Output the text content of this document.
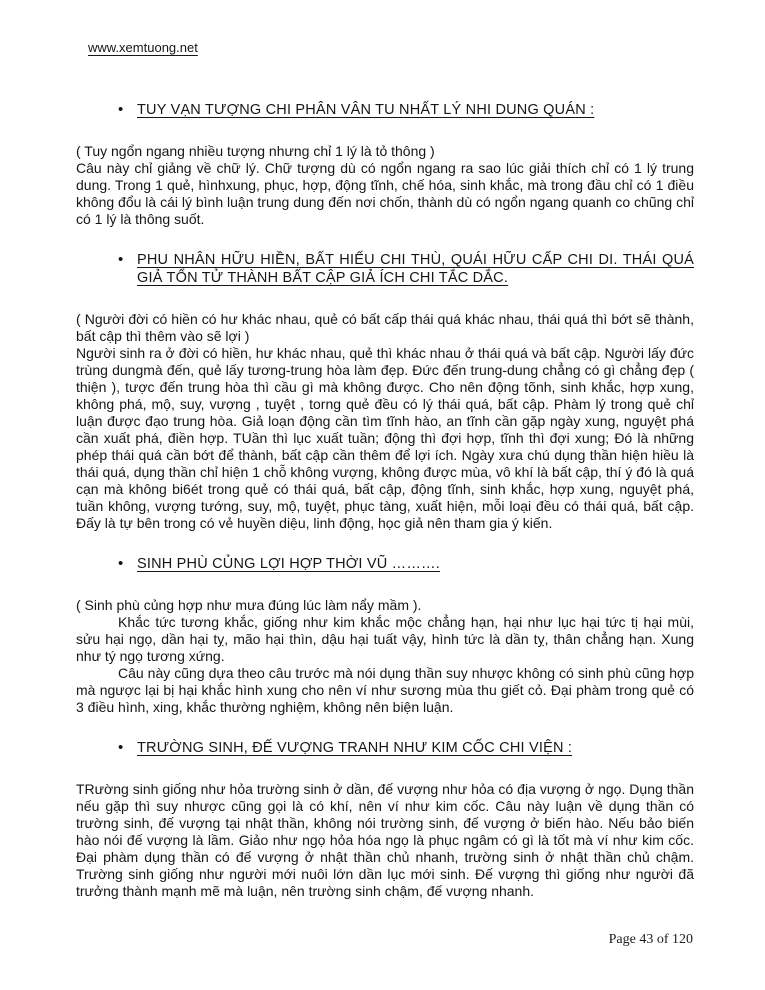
www.xemtuong.net
• TUY VẠN TƯỢNG CHI PHÂN VÂN TU NHẤT LÝ NHI DUNG QUÁN :

( Tuy ngổn ngang nhiều tượng nhưng chỉ 1 lý là tỏ thông )

Câu này chỉ giảng về chữ lý. Chữ tượng dù có ngổn ngang ra sao lúc giải thích chỉ có 1 lý trung dung. Trong 1 quẻ, hìnhxung, phục, hợp, động tĩnh, chế hóa, sinh khắc, mà trong đầu chỉ có 1 điều không đổu là cái lý bình luận trung dung đến nơi chốn, thành dù có ngổn ngang quanh co chũng chỉ có 1 lý là thông suốt.

• PHU NHÂN HỮU HIỀN, BẤT HIẾU CHI THÙ, QUÁI HỮU CẤP CHI DI. THÁI QUÁ GIẢ TỔN TỬ THÀNH BẤT CẬP GIẢ ÍCH CHI TẮC DẮC.

( Người đời có hiền có hư khác nhau, quẻ có bất cấp thái quá khác nhau, thái quá thì bớt sẽ thành, bất cập thì thêm vào sẽ lợi )

Người sinh ra ở đời có hiền, hư khác nhau, quẻ thì khác nhau ở thái quá và bất cập. Người lấy đức trùng dungmà đến, quẻ lấy tương-trung hòa làm đẹp. Đức đến trung-dung chẳng có gì chẳng đẹp ( thiện ), tược đến trung hòa thì cầu gì mà không được. Cho nên động tõnh, sinh khắc, hợp xung, không phá, mộ, suy, vượng , tuyệt , torng quẻ đều có lý thái quá, bất cập. Phàm lý trong quẻ chỉ luận được đạo trung hòa. Giả loạn động cần tìm tĩnh hào, an tĩnh cần gặp ngày xung, nguyệt phá cần xuất phá, điền hợp. TUần thì lục xuất tuần; động thì đợi hợp, tĩnh thì đợi xung; Đó là những phép thái quá cần bớt để thành, bất cập cần thêm để lợi ích. Ngày xưa chú dụng thần hiện hiều là thái quá, dụng thần chỉ hiện 1 chỗ không vượng, không được mùa, vô khí là bất cập, thí ý đó là quá cạn mà không bi6ét trong quẻ có thái quá, bất cập, động tĩnh, sinh khắc, hợp xung, nguyệt phá, tuần không, vượng tướng, suy, mộ, tuyệt, phục tàng, xuất hiện, mỗi loại đều có thái quá, bất cập. Đấy là tự bên trong có vẻ huyền diệu, linh động, học giả nên tham gia ý kiến.

• SINH PHÙ CỦNG LỢI HỢP THỜI VŨ ……….

( Sinh phù củng hợp như mưa đúng lúc làm nẩy mầm ).

Khắc tức tương khắc, giống như kim khắc mộc chẳng hạn, hại như lục hại tức tị hại mùi, sửu hại ngọ, dần hại tỵ, mão hại thìn, dậu hại tuất vậy, hình tức là dần tỵ, thân chẳng hạn. Xung như tý ngọ tương xứng.

Câu này cũng dựa theo câu trước mà nói dụng thần suy nhược không có sinh phù cũng hợp mà ngược lại bị hại khắc hình xung cho nên ví như sương mùa thu giết cỏ. Đại phàm trong quẻ có 3 điều hình, xing, khắc thường nghiệm, không nên biện luận.

• TRƯỜNG SINH, ĐẾ VƯỢNG TRANH NHƯ KIM CỐC CHI VIỆN :

TRường sinh giống như hỏa trường sinh ở dần, đế vượng như hỏa có địa vượng ở ngọ. Dụng thần nếu gặp thì suy nhược cũng gọi là có khí, nên ví như kim cốc. Câu này luận về dụng thần có trường sinh, đế vượng tại nhật thần, không nói trường sinh, đế vượng ở biến hào. Nếu bảo biến hào nói đế vượng là lầm. Giảo như ngọ hỏa hóa ngọ là phục ngâm có gì là tốt mà ví như kim cốc. Đại phàm dụng thần có đế vượng ở nhật thần chủ nhanh, trường sinh ở nhật thần chủ chậm. Trường sinh giống như người mới nuôi lớn dần lục mới sinh. Đế vượng thì giống như người đã trưởng thành mạnh mẽ mà luận, nên trường sinh chậm, đế vượng nhanh.

Page 43 of 120
